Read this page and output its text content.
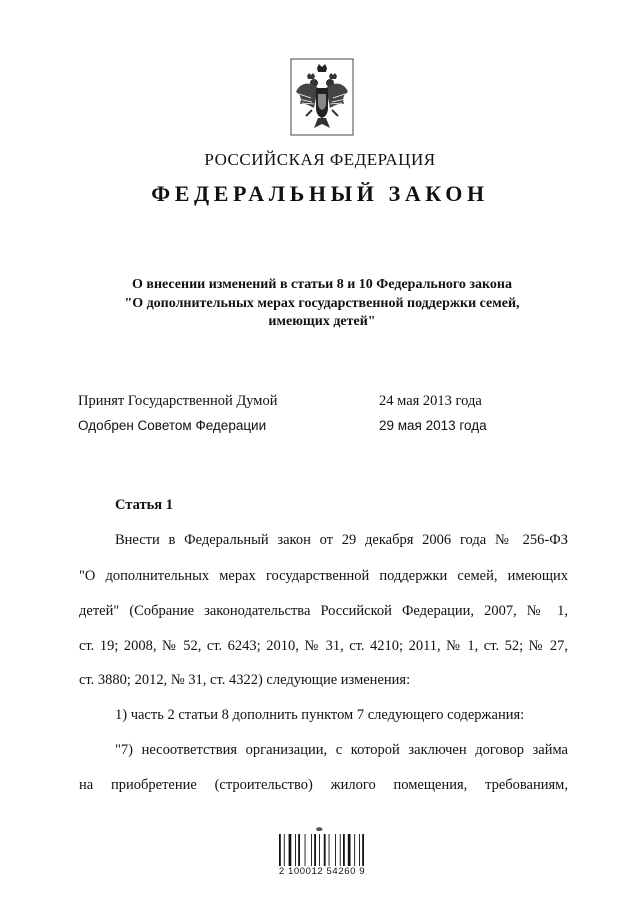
РОССИЙСКАЯ ФЕДЕРАЦИЯ
ФЕДЕРАЛЬНЫЙ ЗАКОН
О внесении изменений в статьи 8 и 10 Федерального закона
"О дополнительных мерах государственной поддержки семей,
имеющих детей"
Принят Государственной Думой	24 мая 2013 года
Одобрен Советом Федерации	29 мая 2013 года
Статья 1
Внести в Федеральный закон от 29 декабря 2006 года № 256-ФЗ
"О дополнительных мерах государственной поддержки семей, имеющих
детей" (Собрание законодательства Российской Федерации, 2007, № 1,
ст. 19; 2008, № 52, ст. 6243; 2010, № 31, ст. 4210; 2011, № 1, ст. 52; № 27,
ст. 3880; 2012, № 31, ст. 4322) следующие изменения:
1) часть 2 статьи 8 дополнить пунктом 7 следующего содержания:
"7) несоответствия организации, с которой заключен договор займа
на приобретение (строительство) жилого помещения, требованиям,
2 100012 54260 9
